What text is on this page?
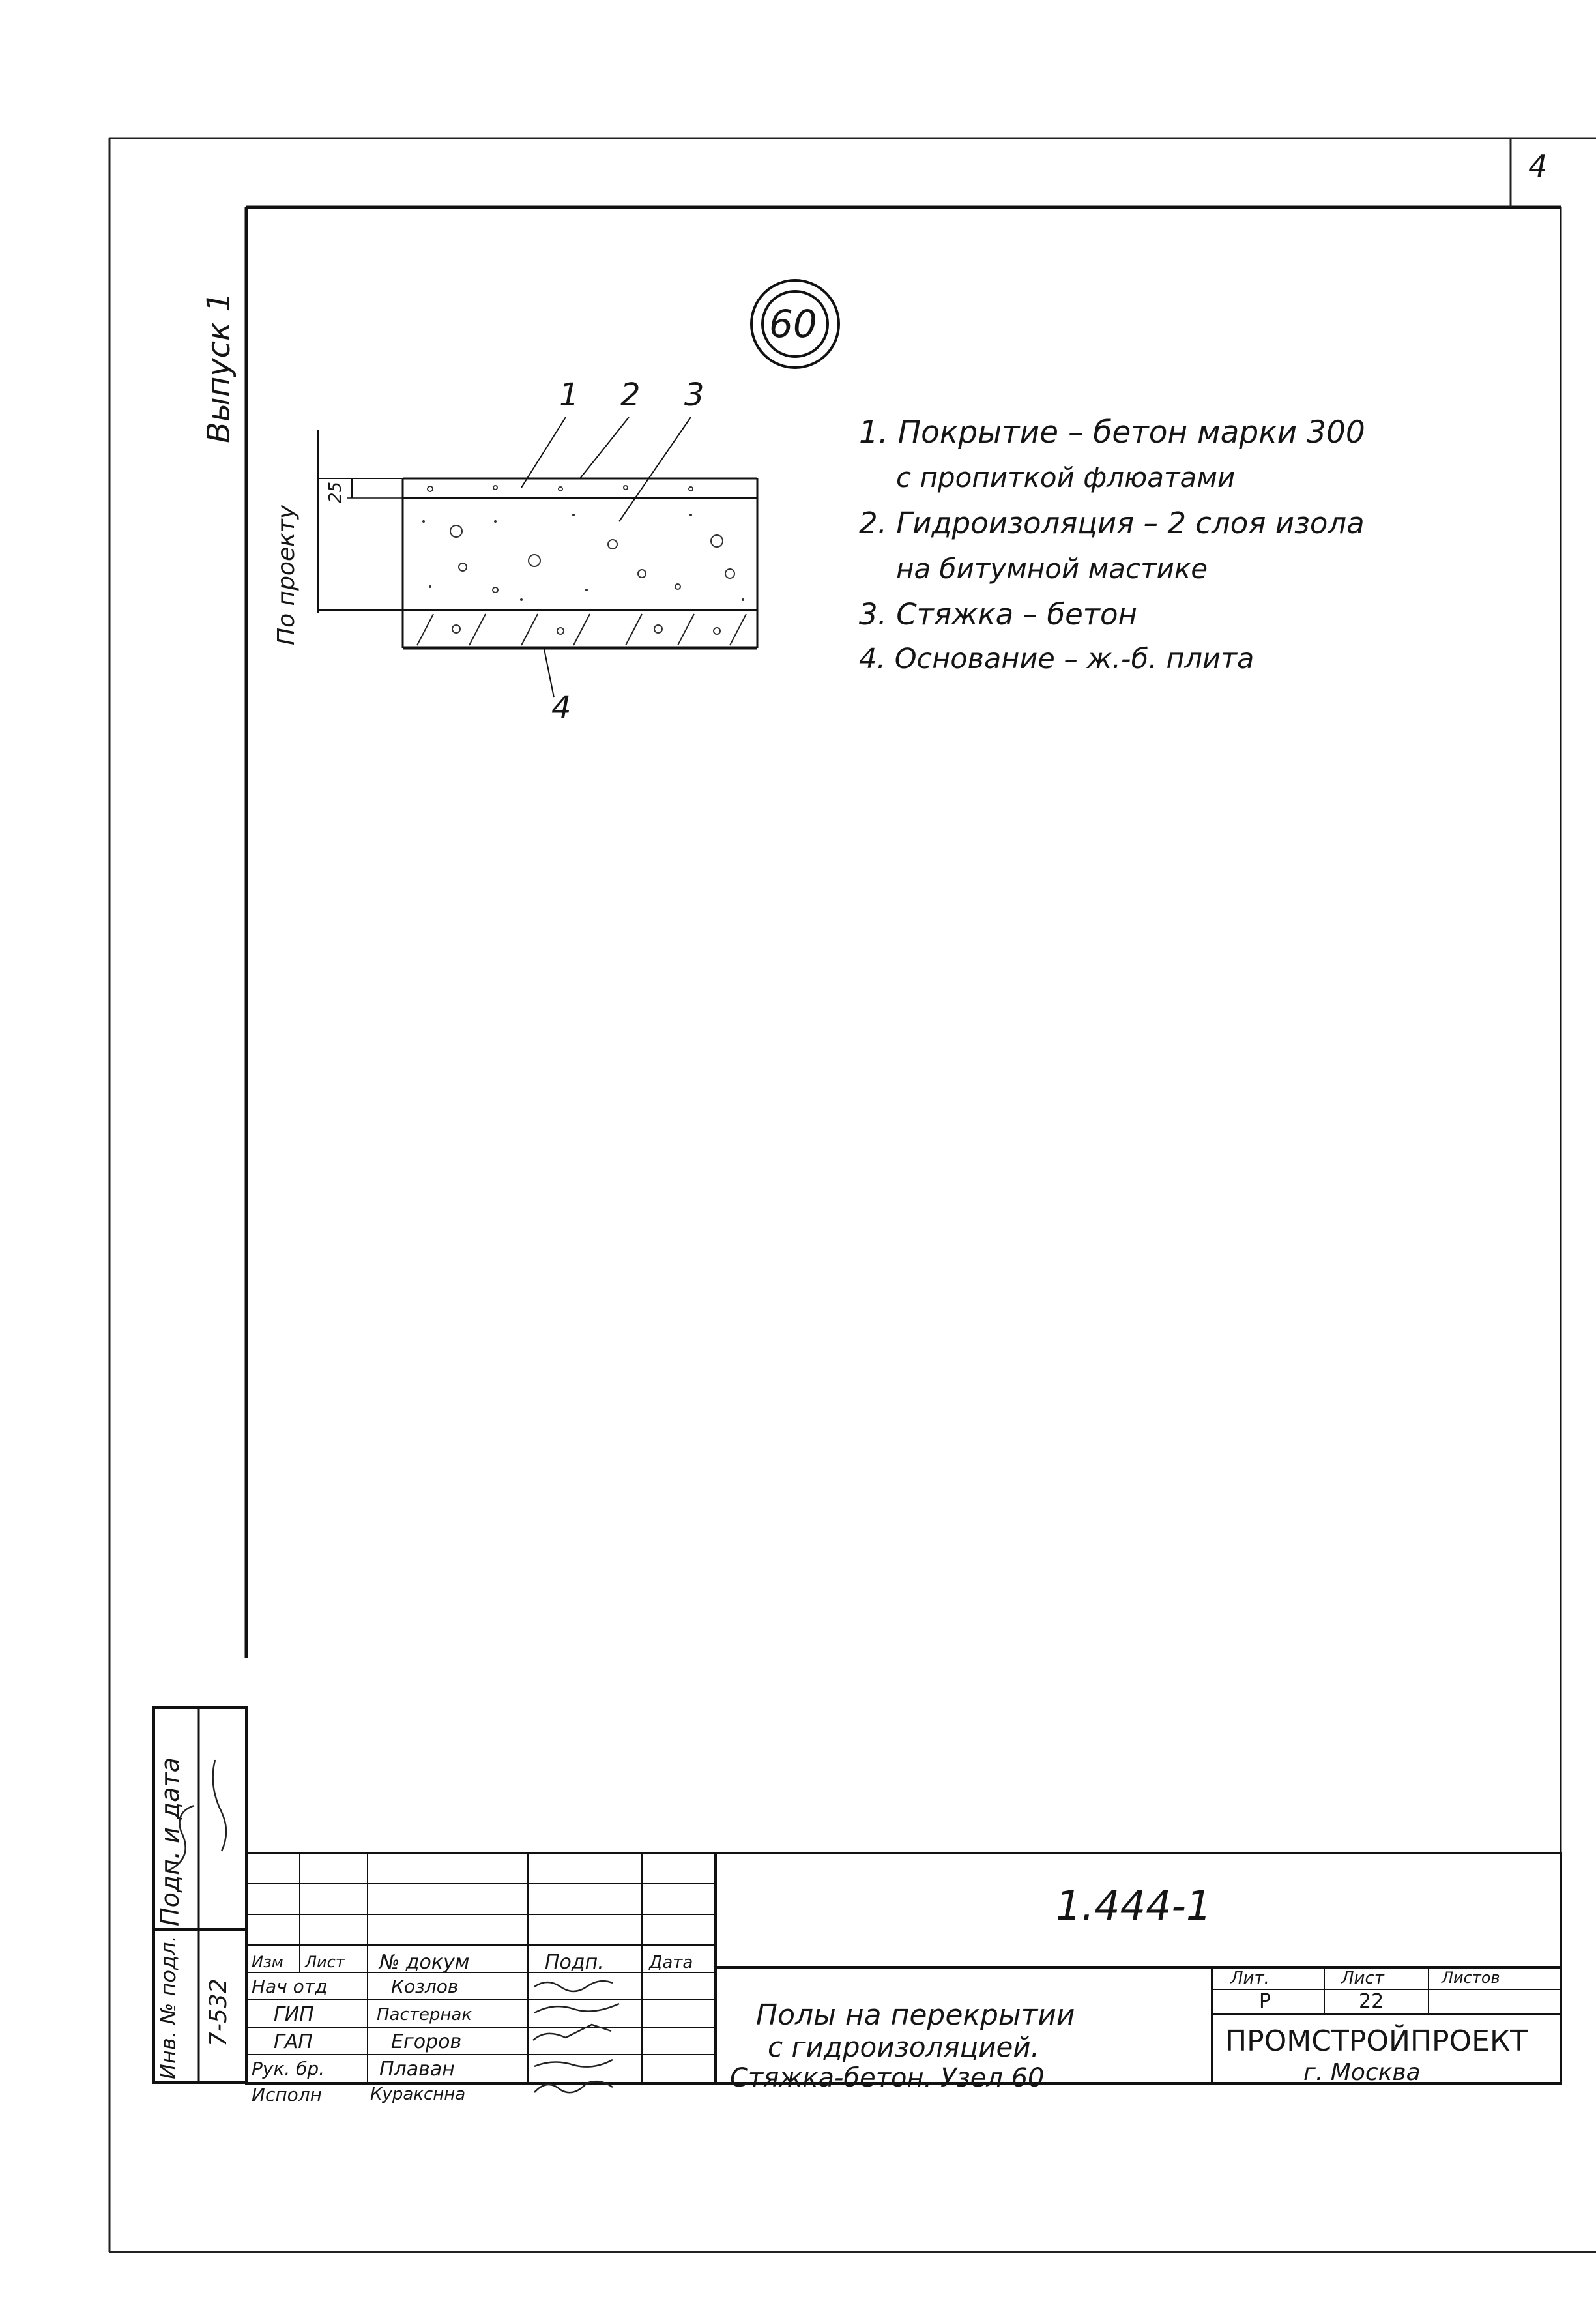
4
Выпуск 1	60
1 2 3
4
По проекту
25
1. Покрытие – бетон марки 300
с пропиткой флюатами
2. Гидроизоляция – 2 слоя изола
на битумной мастике
3. Стяжка – бетон
4. Основание – ж.-б. плита
Подп. и дата
Инв. № подл. 7-532
1.444-1
Изм Лист № докум	Подп.	Дата
Нач отд	Козлов
ГИП	Пастернак
ГАП	Егоров
Рук. бр.	Плаван
Исполн	Куракснна
Полы на перекрытии
с гидроизоляцией.
Стяжка-бетон. Узел 60
Лит.	Лист	Листов
Р	22
ПРОМСТРОЙПРОЕКТ
г. Москва
